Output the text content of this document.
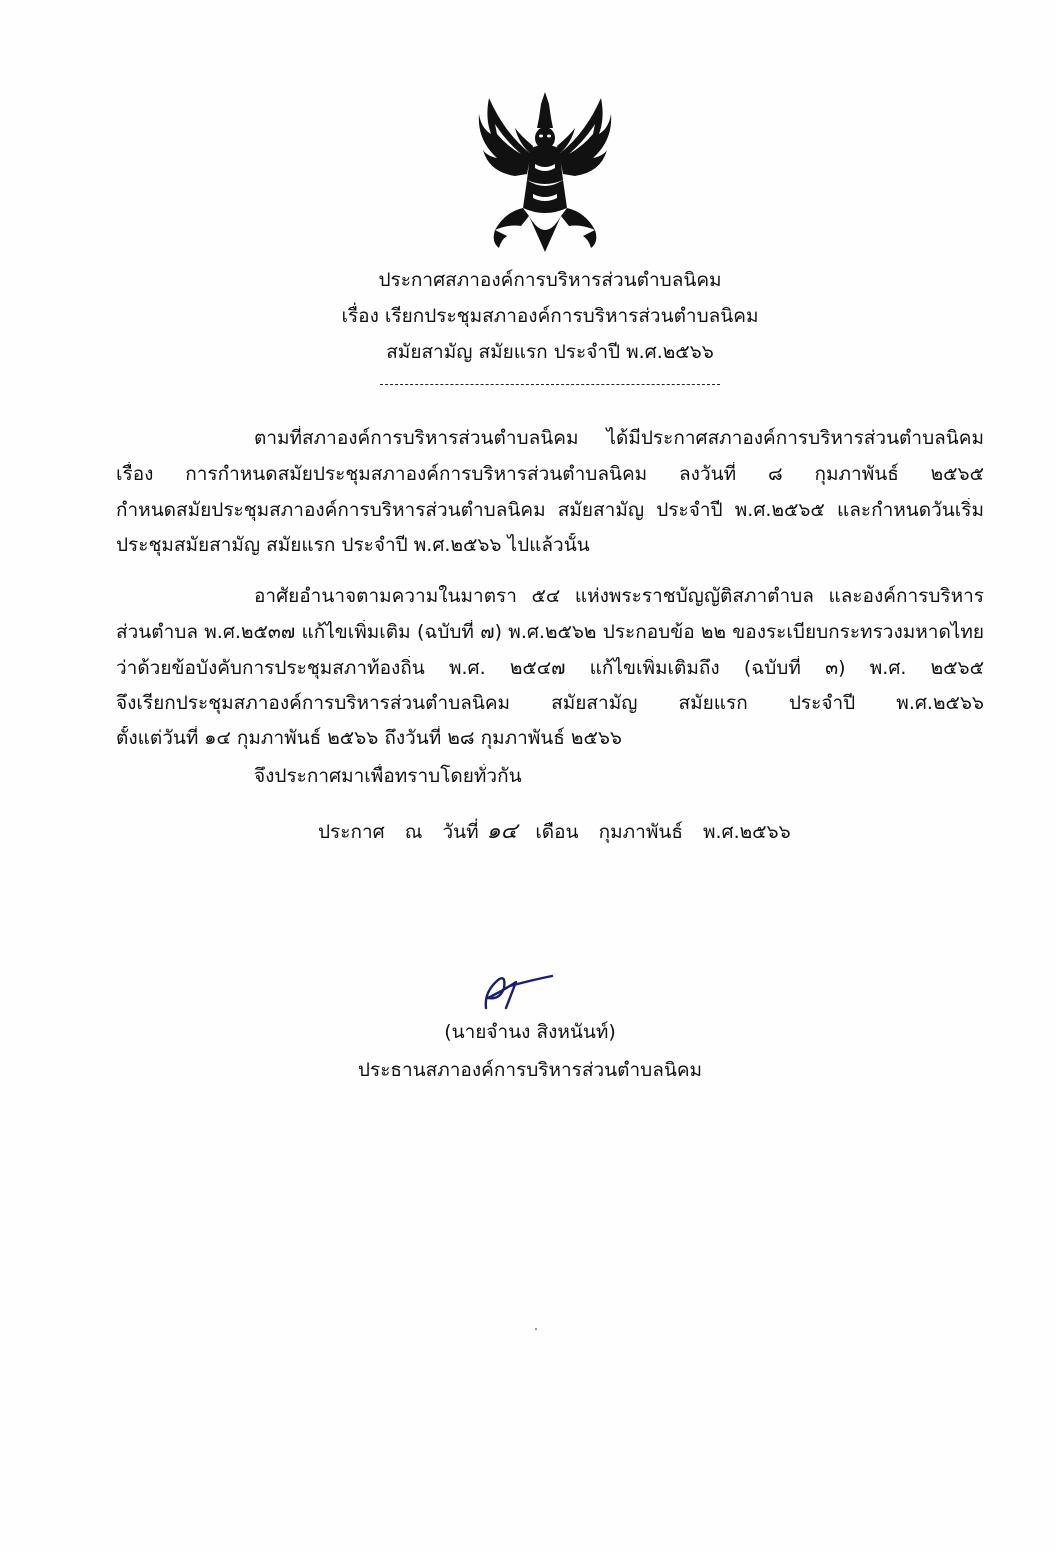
ประกาศสภาองค์การบริหารส่วนตำบลนิคม
เรื่อง เรียกประชุมสภาองค์การบริหารส่วนตำบลนิคม
สมัยสามัญ สมัยแรก ประจำปี พ.ศ.๒๕๖๖
ตามที่สภาองค์การบริหารส่วนตำบลนิคม ได้มีประกาศสภาองค์การบริหารส่วนตำบลนิคม
เรื่อง การกำหนดสมัยประชุมสภาองค์การบริหารส่วนตำบลนิคม ลงวันที่ ๘ กุมภาพันธ์ ๒๕๖๕
กำหนดสมัยประชุมสภาองค์การบริหารส่วนตำบลนิคม สมัยสามัญ ประจำปี พ.ศ.๒๕๖๕ และกำหนดวันเริ่ม
ประชุมสมัยสามัญ สมัยแรก ประจำปี พ.ศ.๒๕๖๖ ไปแล้วนั้น
อาศัยอำนาจตามความในมาตรา ๕๔ แห่งพระราชบัญญัติสภาตำบล และองค์การบริหาร
ส่วนตำบล พ.ศ.๒๕๓๗ แก้ไขเพิ่มเติม (ฉบับที่ ๗) พ.ศ.๒๕๖๒ ประกอบข้อ ๒๒ ของระเบียบกระทรวงมหาดไทย
ว่าด้วยข้อบังคับการประชุมสภาท้องถิ่น พ.ศ. ๒๕๔๗ แก้ไขเพิ่มเติมถึง (ฉบับที่ ๓) พ.ศ. ๒๕๖๕
จึงเรียกประชุมสภาองค์การบริหารส่วนตำบลนิคม สมัยสามัญ สมัยแรก ประจำปี พ.ศ.๒๕๖๖
ตั้งแต่วันที่ ๑๔ กุมภาพันธ์ ๒๕๖๖ ถึงวันที่ ๒๘ กุมภาพันธ์ ๒๕๖๖
จึงประกาศมาเพื่อทราบโดยทั่วกัน
ประกาศ ณ วันที่ ๑๔ เดือน กุมภาพันธ์ พ.ศ.๒๕๖๖
(นายจำนง สิงหนันท์)
ประธานสภาองค์การบริหารส่วนตำบลนิคม
